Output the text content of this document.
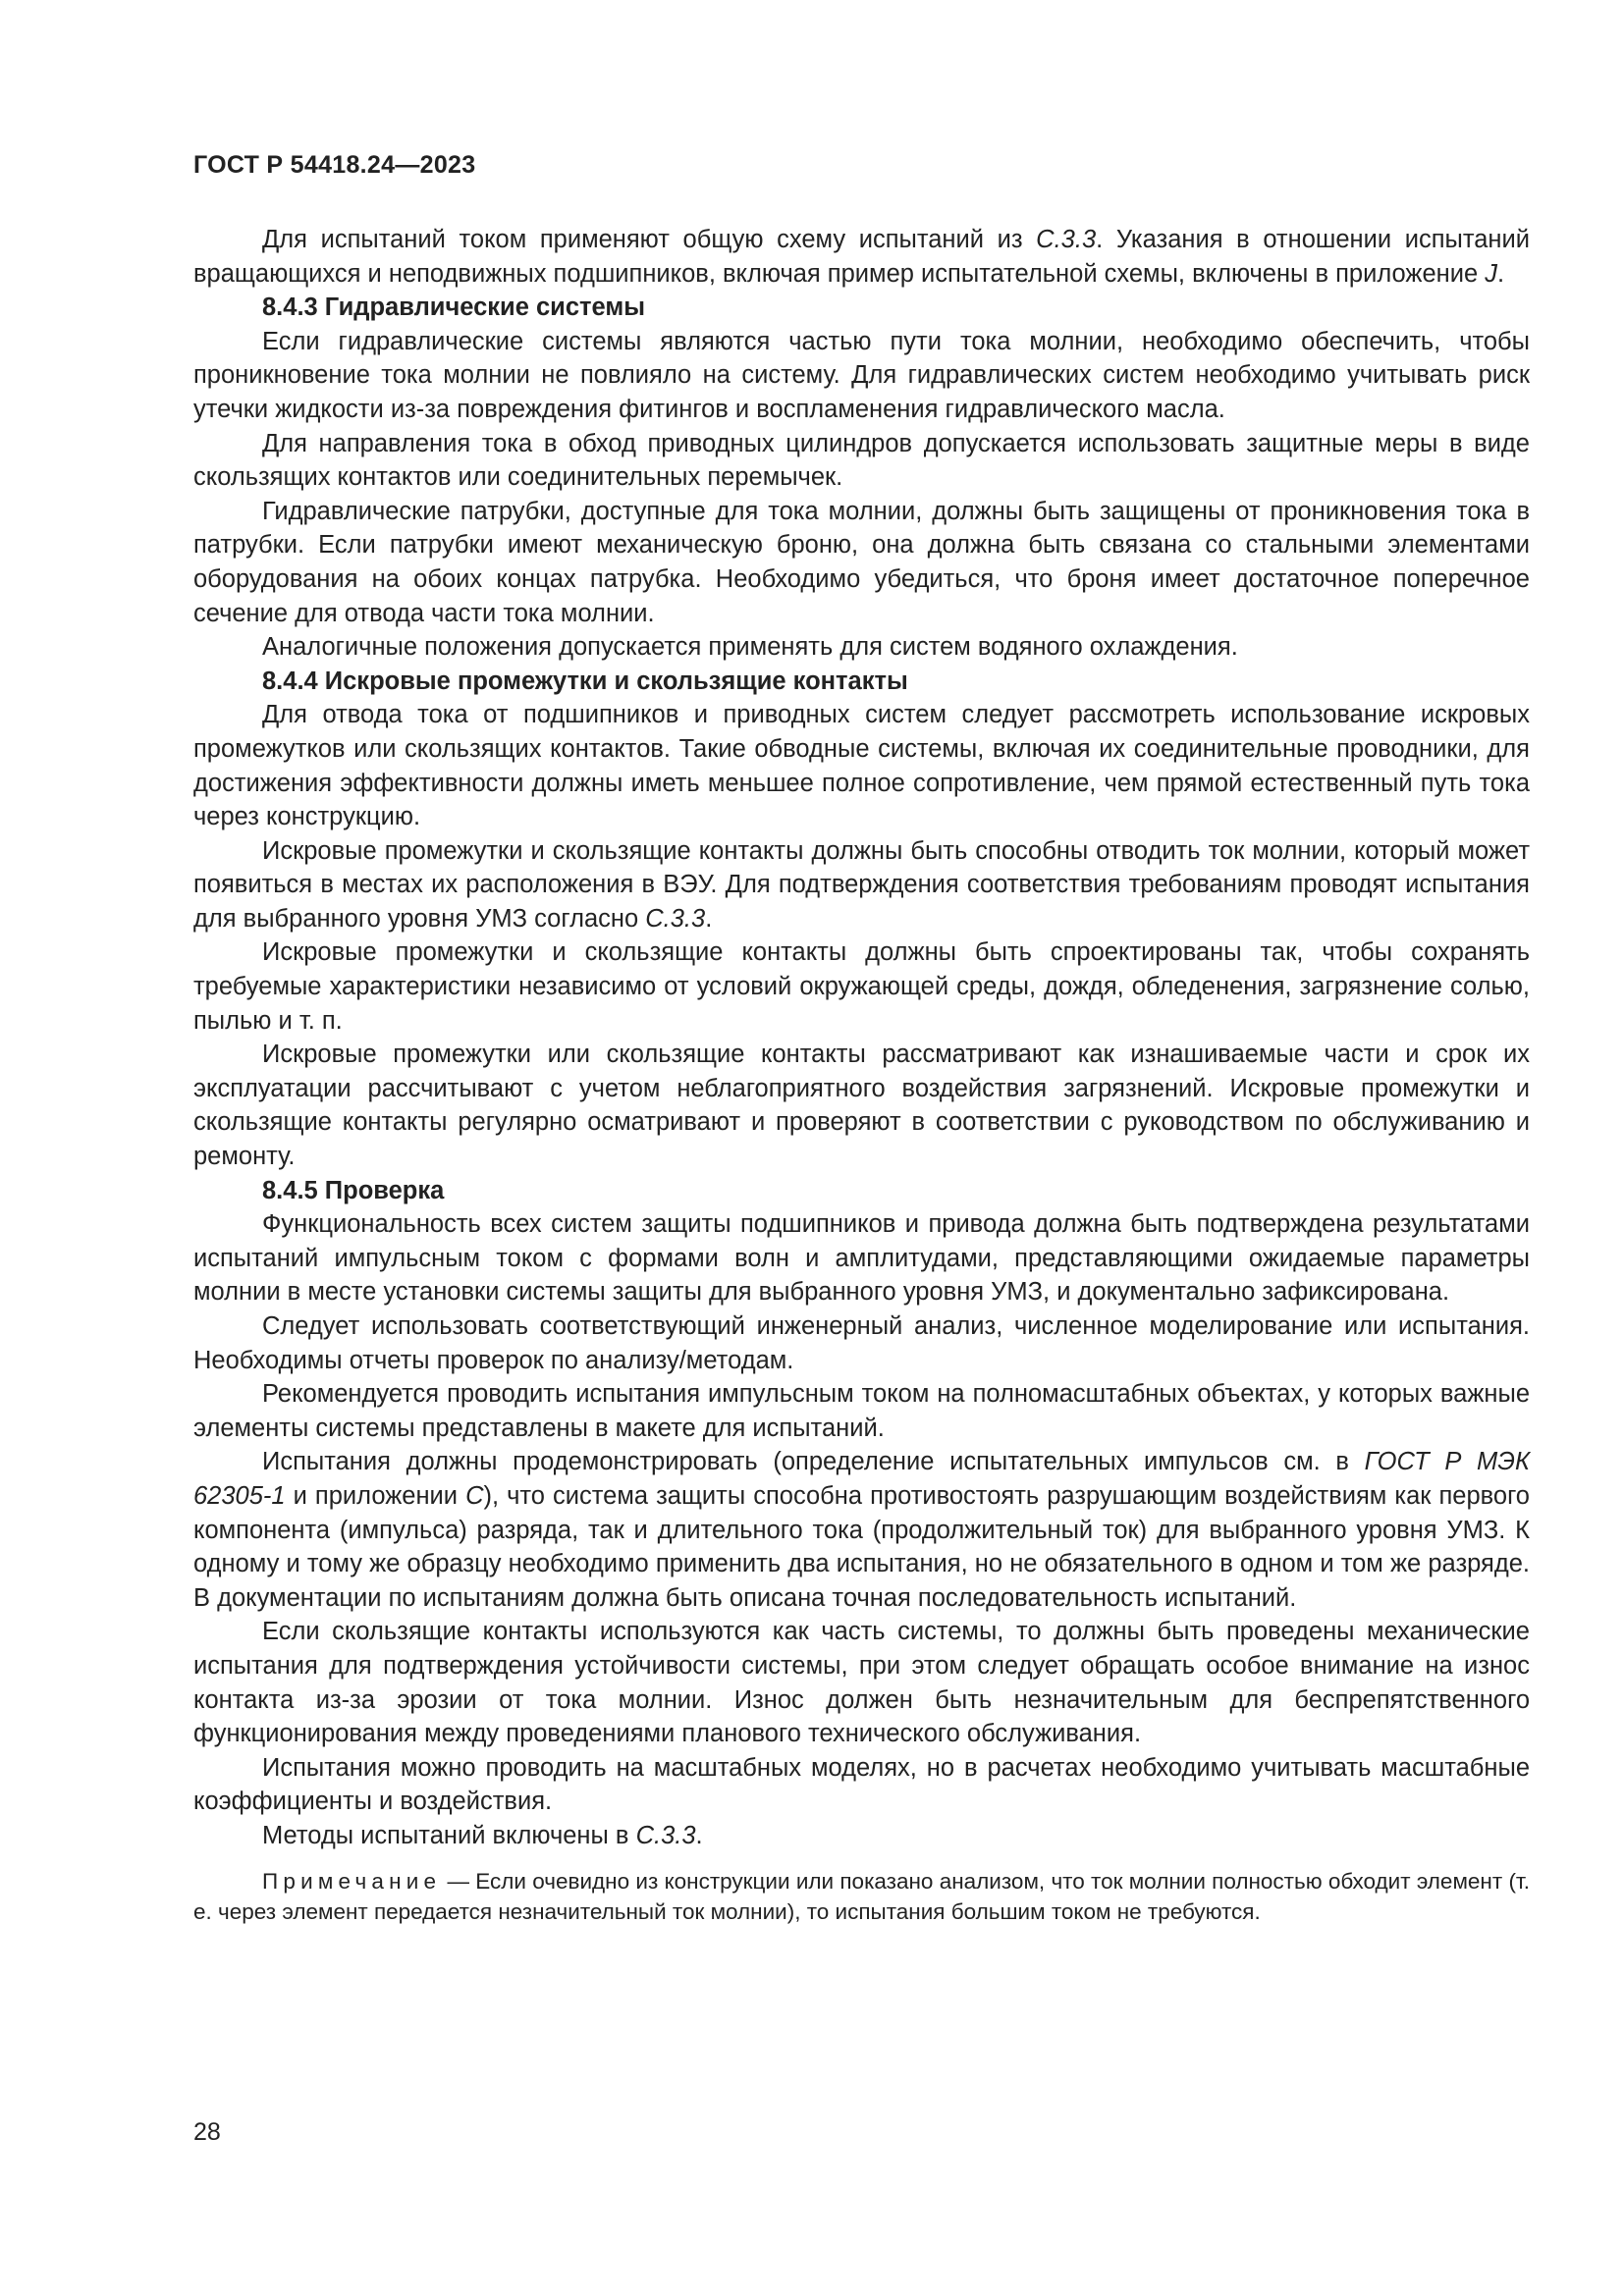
ГОСТ Р 54418.24—2023

Для испытаний током применяют общую схему испытаний из С.3.3. Указания в отношении испытаний вращающихся и неподвижных подшипников, включая пример испытательной схемы, включены в приложение J.

8.4.3 Гидравлические системы

Если гидравлические системы являются частью пути тока молнии, необходимо обеспечить, чтобы проникновение тока молнии не повлияло на систему. Для гидравлических систем необходимо учитывать риск утечки жидкости из-за повреждения фитингов и воспламенения гидравлического масла.

Для направления тока в обход приводных цилиндров допускается использовать защитные меры в виде скользящих контактов или соединительных перемычек.

Гидравлические патрубки, доступные для тока молнии, должны быть защищены от проникновения тока в патрубки. Если патрубки имеют механическую броню, она должна быть связана со стальными элементами оборудования на обоих концах патрубка. Необходимо убедиться, что броня имеет достаточное поперечное сечение для отвода части тока молнии.

Аналогичные положения допускается применять для систем водяного охлаждения.

8.4.4 Искровые промежутки и скользящие контакты

Для отвода тока от подшипников и приводных систем следует рассмотреть использование искровых промежутков или скользящих контактов. Такие обводные системы, включая их соединительные проводники, для достижения эффективности должны иметь меньшее полное сопротивление, чем прямой естественный путь тока через конструкцию.

Искровые промежутки и скользящие контакты должны быть способны отводить ток молнии, который может появиться в местах их расположения в ВЭУ. Для подтверждения соответствия требованиям проводят испытания для выбранного уровня УМЗ согласно С.3.3.

Искровые промежутки и скользящие контакты должны быть спроектированы так, чтобы сохранять требуемые характеристики независимо от условий окружающей среды, дождя, обледенения, загрязнение солью, пылью и т. п.

Искровые промежутки или скользящие контакты рассматривают как изнашиваемые части и срок их эксплуатации рассчитывают с учетом неблагоприятного воздействия загрязнений. Искровые промежутки и скользящие контакты регулярно осматривают и проверяют в соответствии с руководством по обслуживанию и ремонту.

8.4.5 Проверка

Функциональность всех систем защиты подшипников и привода должна быть подтверждена результатами испытаний импульсным током с формами волн и амплитудами, представляющими ожидаемые параметры молнии в месте установки системы защиты для выбранного уровня УМЗ, и документально зафиксирована.

Следует использовать соответствующий инженерный анализ, численное моделирование или испытания. Необходимы отчеты проверок по анализу/методам.

Рекомендуется проводить испытания импульсным током на полномасштабных объектах, у которых важные элементы системы представлены в макете для испытаний.

Испытания должны продемонстрировать (определение испытательных импульсов см. в ГОСТ Р МЭК 62305-1 и приложении С), что система защиты способна противостоять разрушающим воздействиям как первого компонента (импульса) разряда, так и длительного тока (продолжительный ток) для выбранного уровня УМЗ. К одному и тому же образцу необходимо применить два испытания, но не обязательного в одном и том же разряде. В документации по испытаниям должна быть описана точная последовательность испытаний.

Если скользящие контакты используются как часть системы, то должны быть проведены механические испытания для подтверждения устойчивости системы, при этом следует обращать особое внимание на износ контакта из-за эрозии от тока молнии. Износ должен быть незначительным для беспрепятственного функционирования между проведениями планового технического обслуживания.

Испытания можно проводить на масштабных моделях, но в расчетах необходимо учитывать масштабные коэффициенты и воздействия.

Методы испытаний включены в С.3.3.

Примечание — Если очевидно из конструкции или показано анализом, что ток молнии полностью обходит элемент (т. е. через элемент передается незначительный ток молнии), то испытания большим током не требуются.

28
